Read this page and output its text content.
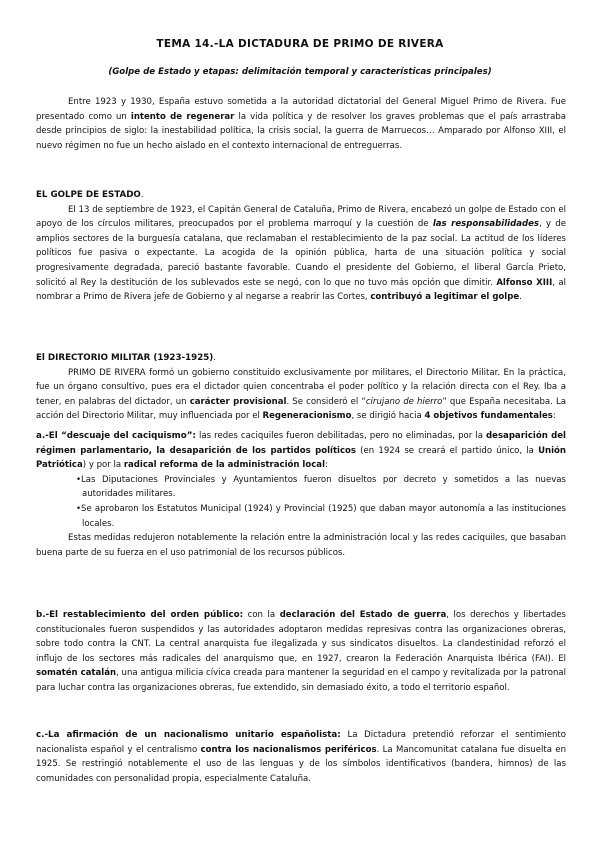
TEMA 14.-LA DICTADURA DE PRIMO DE RIVERA
(Golpe de Estado y etapas: delimitación temporal y características principales)

Entre 1923 y 1930, España estuvo sometida a la autoridad dictatorial del General Miguel Primo de Rivera. Fue presentado como un intento de regenerar la vida política y de resolver los graves problemas que el país arrastraba desde principios de siglo: la inestabilidad política, la crisis social, la guerra de Marruecos… Amparado por Alfonso XIII, el nuevo régimen no fue un hecho aislado en el contexto internacional de entreguerras.

EL GOLPE DE ESTADO.

El 13 de septiembre de 1923, el Capitán General de Cataluña, Primo de Rivera, encabezó un golpe de Estado con el apoyo de los círculos militares, preocupados por el problema marroquí y la cuestión de las responsabilidades, y de amplios sectores de la burguesía catalana, que reclamaban el restablecimiento de la paz social. La actitud de los líderes políticos fue pasiva o expectante. La acogida de la opinión pública, harta de una situación política y social progresivamente degradada, pareció bastante favorable. Cuando el presidente del Gobierno, el liberal García Prieto, solicitó al Rey la destitución de los sublevados este se negó, con lo que no tuvo más opción que dimitir. Alfonso XIII, al nombrar a Primo de Rivera jefe de Gobierno y al negarse a reabrir las Cortes, contribuyó a legitimar el golpe.

El DIRECTORIO MILITAR (1923-1925).

PRIMO DE RIVERA formó un gobierno constituido exclusivamente por militares, el Directorio Militar. En la práctica, fue un órgano consultivo, pues era el dictador quien concentraba el poder político y la relación directa con el Rey. Iba a tener, en palabras del dictador, un carácter provisional. Se consideró el “cirujano de hierro” que España necesitaba. La acción del Directorio Militar, muy influenciada por el Regeneracionismo, se dirigió hacia 4 objetivos fundamentales:

a.-El “descuaje del caciquismo”: las redes caciquiles fueron debilitadas, pero no eliminadas, por la desaparición del régimen parlamentario, la desaparición de los partidos políticos (en 1924 se creará el partido único, la Unión Patriótica) y por la radical reforma de la administración local:

•Las Diputaciones Provinciales y Ayuntamientos fueron disueltos por decreto y sometidos a las nuevas autoridades militares.

•Se aprobaron los Estatutos Municipal (1924) y Provincial (1925) que daban mayor autonomía a las instituciones locales.

Estas medidas redujeron notablemente la relación entre la administración local y las redes caciquiles, que basaban buena parte de su fuerza en el uso patrimonial de los recursos públicos.

b.-El restablecimiento del orden público: con la declaración del Estado de guerra, los derechos y libertades constitucionales fueron suspendidos y las autoridades adoptaron medidas represivas contra las organizaciones obreras, sobre todo contra la CNT. La central anarquista fue ilegalizada y sus sindicatos disueltos. La clandestinidad reforzó el influjo de los sectores más radicales del anarquismo que, en 1927, crearon la Federación Anarquista Ibérica (FAI). El somatén catalán, una antigua milicia cívica creada para mantener la seguridad en el campo y revitalizada por la patronal para luchar contra las organizaciones obreras, fue extendido, sin demasiado éxito, a todo el territorio español.

c.-La afirmación de un nacionalismo unitario españolista: La Dictadura pretendió reforzar el sentimiento nacionalista español y el centralismo contra los nacionalismos periféricos. La Mancomunitat catalana fue disuelta en 1925. Se restringió notablemente el uso de las lenguas y de los símbolos identificativos (bandera, himnos) de las comunidades con personalidad propia, especialmente Cataluña.
